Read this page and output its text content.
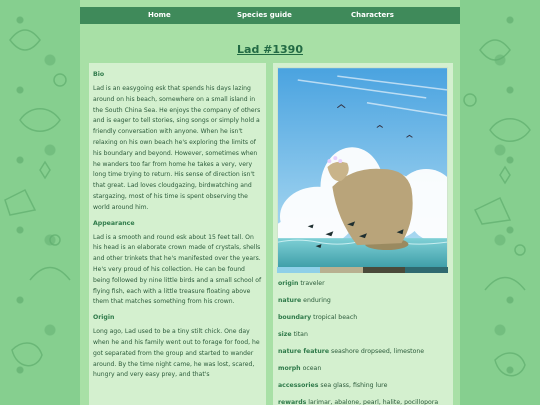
Home	Species guide	Characters
Lad #1390
Bio

Lad is an easygoing esk that spends his days lazing around on his beach, somewhere on a small island in the South China Sea. He enjoys the company of others and is eager to tell stories, sing songs or simply hold a friendly conversation with anyone. When he isn't relaxing on his own beach he's exploring the limits of his boundary and beyond. However, sometimes when he wanders too far from home he takes a very, very long time trying to return. His sense of direction isn't that great. Lad loves cloudgazing, birdwatching and stargazing, most of his time is spent observing the world around him.

Appearance

Lad is a smooth and round esk about 15 feet tall. On his head is an elaborate crown made of crystals, shells and other trinkets that he's manifested over the years. He's very proud of his collection. He can be found being followed by nine little birds and a small school of flying fish, each with a little treasure floating above them that matches something from his crown.

Origin

Long ago, Lad used to be a tiny stilt chick. One day when he and his family went out to forage for food, he got separated from the group and started to wander around. By the time night came, he was lost, scared, hungry and very easy prey, and that's

origin traveler
nature enduring
boundary tropical beach
size titan
nature feature seashore dropseed, limestone
morph ocean
accessories sea glass, fishing lure
rewards larimar, abalone, pearl, halite, pocillopora
